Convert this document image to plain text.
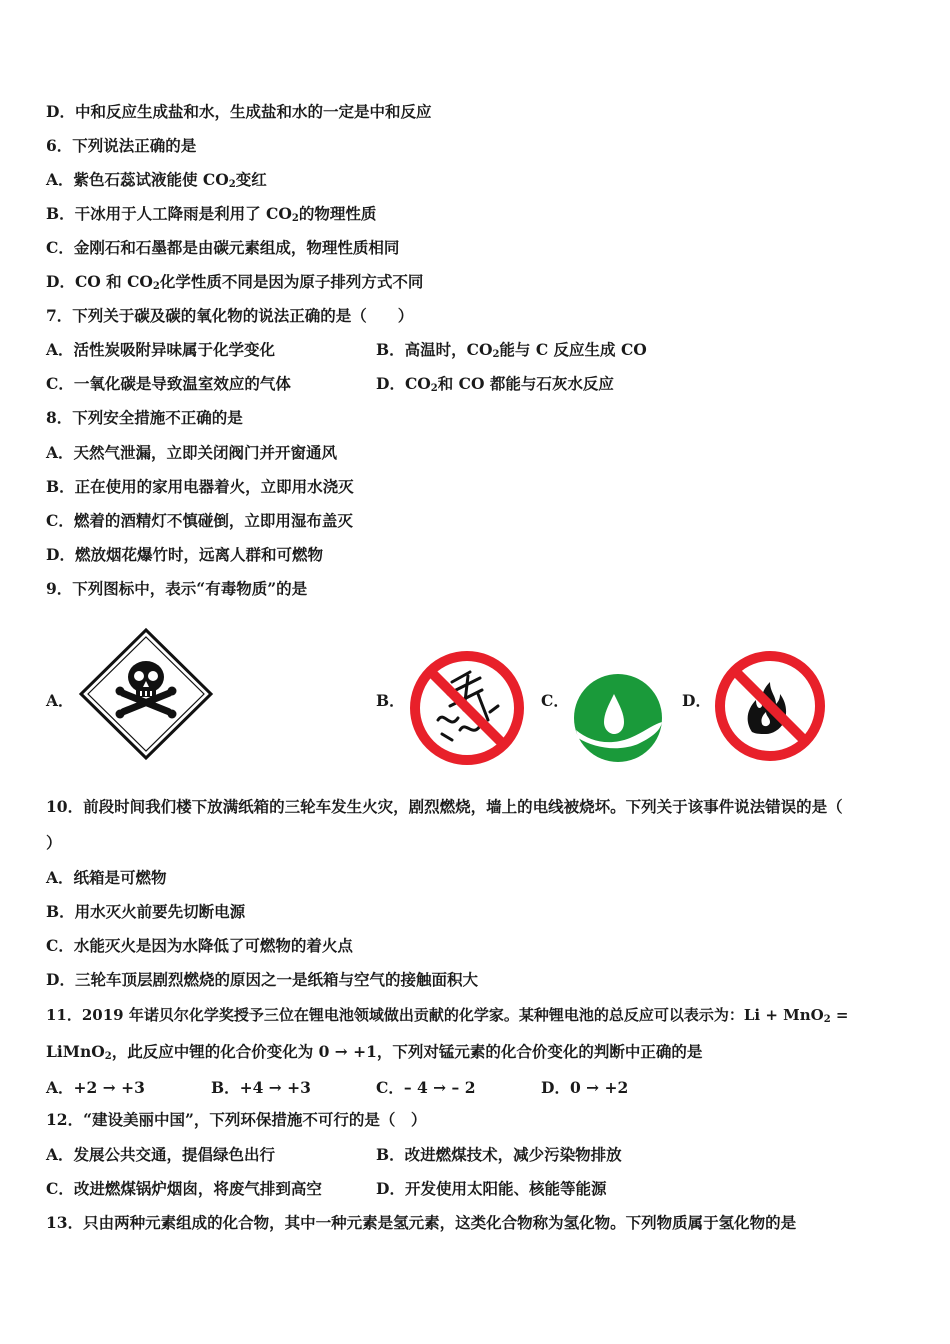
D．中和反应生成盐和水，生成盐和水的一定是中和反应
6．下列说法正确的是
A．紫色石蕊试液能使 $CO_2$变红
B．干冰用于人工降雨是利用了 $CO_2$的物理性质
C．金刚石和石墨都是由碳元素组成，物理性质相同
D．CO 和 $CO_2$化学性质不同是因为原子排列方式不同
7．下列关于碳及碳的氧化物的说法正确的是（　　）
A．活性炭吸附异味属于化学变化	B．高温时，$CO_2$能与 C 反应生成 CO
C．一氧化碳是导致温室效应的气体	D．$CO_2$和 CO 都能与石灰水反应
8．下列安全措施不正确的是
A．天然气泄漏，立即关闭阀门并开窗通风
B．正在使用的家用电器着火，立即用水浇灭
C．燃着的酒精灯不慎碰倒，立即用湿布盖灭
D．燃放烟花爆竹时，远离人群和可燃物
9．下列图标中，表示“有毒物质”的是
A．	B．	C．	D．
10．前段时间我们楼下放满纸箱的三轮车发生火灾，剧烈燃烧，墙上的电线被烧坏。下列关于该事件说法错误的是（
）
A．纸箱是可燃物
B．用水灭火前要先切断电源
C．水能灭火是因为水降低了可燃物的着火点
D．三轮车顶层剧烈燃烧的原因之一是纸箱与空气的接触面积大
11．2019 年诺贝尔化学奖授予三位在锂电池领域做出贡献的化学家。某种锂电池的总反应可以表示为：Li + MnO$_2$ =
LiMnO$_2$，此反应中锂的化合价变化为 0 → +1，下列对锰元素的化合价变化的判断中正确的是
A．+2 → +3	B．+4 → +3	C．– 4 → – 2	D．0 → +2
12．“建设美丽中国”，下列环保措施不可行的是（　）
A．发展公共交通，提倡绿色出行	B．改进燃煤技术，减少污染物排放
C．改进燃煤锅炉烟囱，将废气排到高空	D．开发使用太阳能、核能等能源
13．只由两种元素组成的化合物，其中一种元素是氢元素，这类化合物称为氢化物。下列物质属于氢化物的是
